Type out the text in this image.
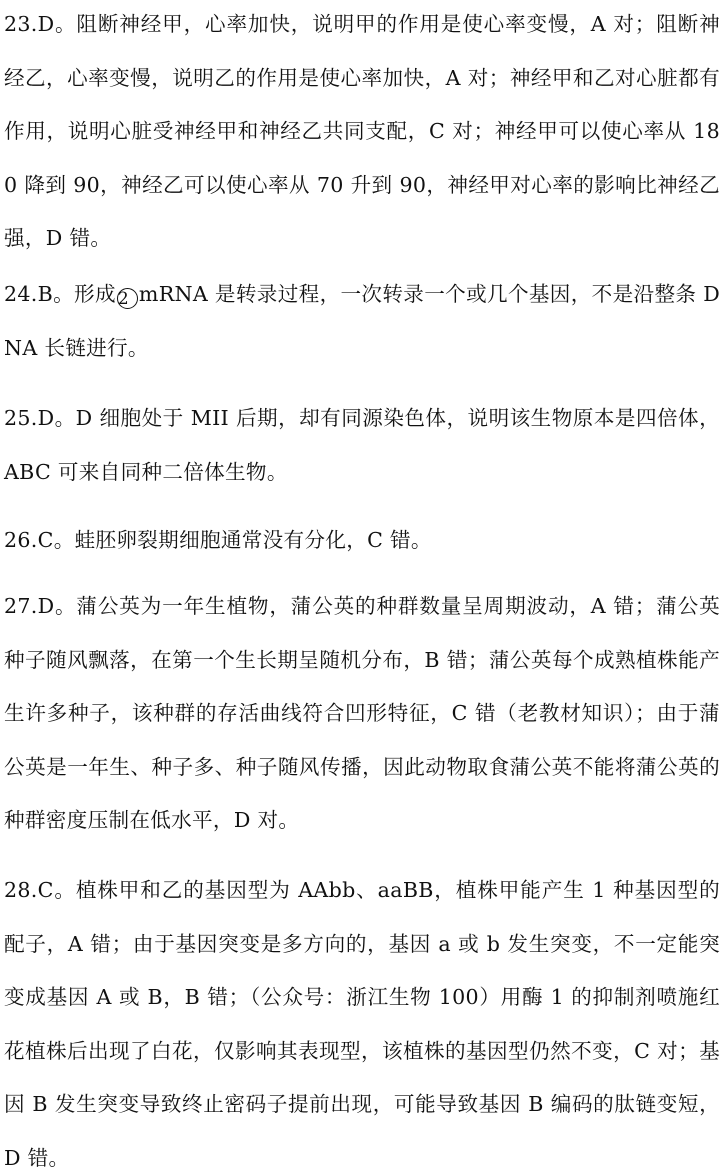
23.D。阻断神经甲，心率加快，说明甲的作用是使心率变慢，A 对；阻断神经乙，心率变慢，说明乙的作用是使心率加快，A 对；神经甲和乙对心脏都有作用，说明心脏受神经甲和神经乙共同支配，C 对；神经甲可以使心率从 180 降到 90，神经乙可以使心率从 70 升到 90，神经甲对心率的影响比神经乙强，D 错。

24.B。形成 2 mRNA 是转录过程，一次转录一个或几个基因，不是沿整条 DNA 长链进行。

25.D。D 细胞处于 MII 后期，却有同源染色体，说明该生物原本是四倍体，ABC 可来自同种二倍体生物。

26.C。蛙胚卵裂期细胞通常没有分化，C 错。

27.D。蒲公英为一年生植物，蒲公英的种群数量呈周期波动，A 错；蒲公英种子随风飘落，在第一个生长期呈随机分布，B 错；蒲公英每个成熟植株能产生许多种子，该种群的存活曲线符合凹形特征，C 错（老教材知识）；由于蒲公英是一年生、种子多、种子随风传播，因此动物取食蒲公英不能将蒲公英的种群密度压制在低水平，D 对。

28.C。植株甲和乙的基因型为 AAbb、aaBB，植株甲能产生 1 种基因型的配子，A 错；由于基因突变是多方向的，基因 a 或 b 发生突变，不一定能突变成基因 A 或 B，B 错；（公众号：浙江生物 100）用酶 1 的抑制剂喷施红花植株后出现了白花，仅影响其表现型，该植株的基因型仍然不变，C 对；基因 B 发生突变导致终止密码子提前出现，可能导致基因 B 编码的肽链变短，D 错。
